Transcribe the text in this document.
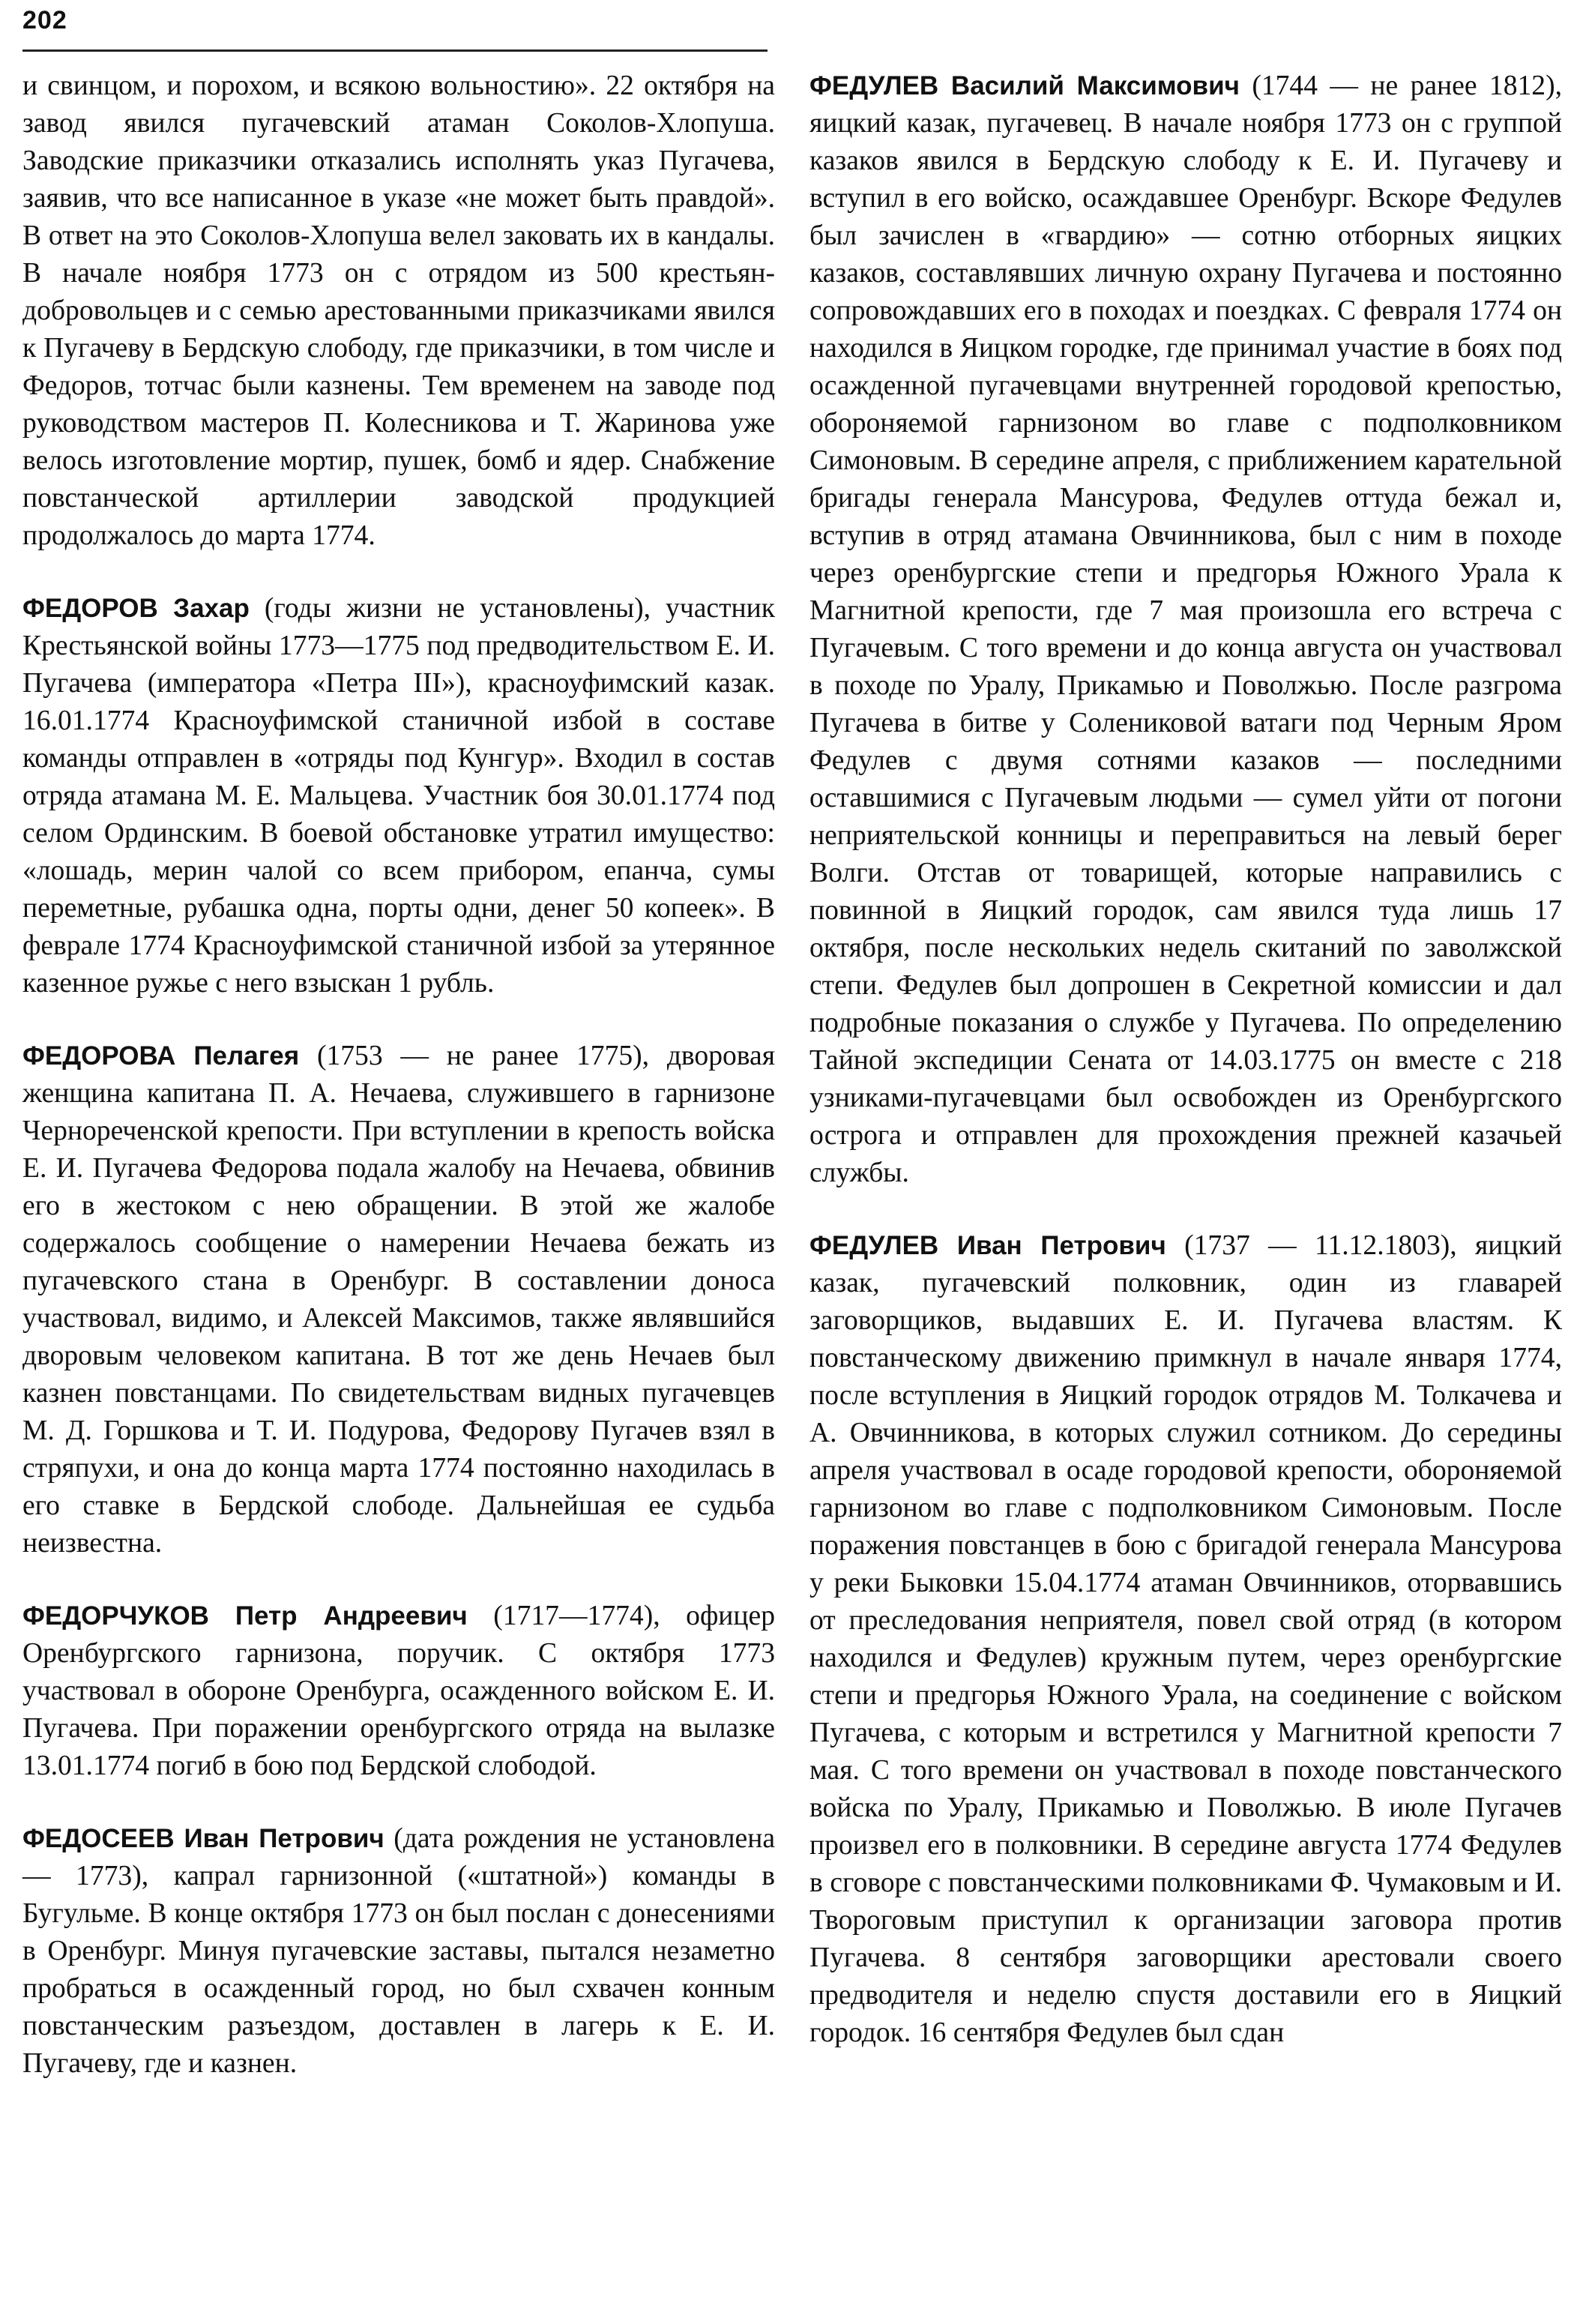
202

и свинцом, и порохом, и всякою вольностию». 22 октября на завод явился пугачевский атаман Соколов-Хлопуша. Заводские приказчики отказались исполнять указ Пугачева, заявив, что все написанное в указе «не может быть правдой». В ответ на это Соколов-Хлопуша велел заковать их в кандалы. В начале ноября 1773 он с отрядом из 500 крестьян-добровольцев и с семью арестованными приказчиками явился к Пугачеву в Бердскую слободу, где приказчики, в том числе и Федоров, тотчас были казнены. Тем временем на заводе под руководством мастеров П. Колесникова и Т. Жаринова уже велось изготовление мортир, пушек, бомб и ядер. Снабжение повстанческой артиллерии заводской продукцией продолжалось до марта 1774.

ФЕДОРОВ Захар (годы жизни не установлены), участник Крестьянской войны 1773—1775 под предводительством Е. И. Пугачева (императора «Петра III»), красноуфимский казак. 16.01.1774 Красноуфимской станичной избой в составе команды отправлен в «отряды под Кунгур». Входил в состав отряда атамана М. Е. Мальцева. Участник боя 30.01.1774 под селом Ординским. В боевой обстановке утратил имущество: «лошадь, мерин чалой со всем прибором, епанча, сумы переметные, рубашка одна, порты одни, денег 50 копеек». В феврале 1774 Красноуфимской станичной избой за утерянное казенное ружье с него взыскан 1 рубль.

ФЕДОРОВА Пелагея (1753 — не ранее 1775), дворовая женщина капитана П. А. Нечаева, служившего в гарнизоне Чернореченской крепости. При вступлении в крепость войска Е. И. Пугачева Федорова подала жалобу на Нечаева, обвинив его в жестоком с нею обращении. В этой же жалобе содержалось сообщение о намерении Нечаева бежать из пугачевского стана в Оренбург. В составлении доноса участвовал, видимо, и Алексей Максимов, также являвшийся дворовым человеком капитана. В тот же день Нечаев был казнен повстанцами. По свидетельствам видных пугачевцев М. Д. Горшкова и Т. И. Подурова, Федорову Пугачев взял в стряпухи, и она до конца марта 1774 постоянно находилась в его ставке в Бердской слободе. Дальнейшая ее судьба неизвестна.

ФЕДОРЧУКОВ Петр Андреевич (1717—1774), офицер Оренбургского гарнизона, поручик. С октября 1773 участвовал в обороне Оренбурга, осажденного войском Е. И. Пугачева. При поражении оренбургского отряда на вылазке 13.01.1774 погиб в бою под Бердской слободой.

ФЕДОСЕЕВ Иван Петрович (дата рождения не установлена — 1773), капрал гарнизонной («штатной») команды в Бугульме. В конце октября 1773 он был послан с донесениями в Оренбург. Минуя пугачевские заставы, пытался незаметно пробраться в осажденный город, но был схвачен конным повстанческим разъездом, доставлен в лагерь к Е. И. Пугачеву, где и казнен.

ФЕДУЛЕВ Василий Максимович (1744 — не ранее 1812), яицкий казак, пугачевец. В начале ноября 1773 он с группой казаков явился в Бердскую слободу к Е. И. Пугачеву и вступил в его войско, осаждавшее Оренбург. Вскоре Федулев был зачислен в «гвардию» — сотню отборных яицких казаков, составлявших личную охрану Пугачева и постоянно сопровождавших его в походах и поездках. С февраля 1774 он находился в Яицком городке, где принимал участие в боях под осажденной пугачевцами внутренней городовой крепостью, обороняемой гарнизоном во главе с подполковником Симоновым. В середине апреля, с приближением карательной бригады генерала Мансурова, Федулев оттуда бежал и, вступив в отряд атамана Овчинникова, был с ним в походе через оренбургские степи и предгорья Южного Урала к Магнитной крепости, где 7 мая произошла его встреча с Пугачевым. С того времени и до конца августа он участвовал в походе по Уралу, Прикамью и Поволжью. После разгрома Пугачева в битве у Солениковой ватаги под Черным Яром Федулев с двумя сотнями казаков — последними оставшимися с Пугачевым людьми — сумел уйти от погони неприятельской конницы и переправиться на левый берег Волги. Отстав от товарищей, которые направились с повинной в Яицкий городок, сам явился туда лишь 17 октября, после нескольких недель скитаний по заволжской степи. Федулев был допрошен в Секретной комиссии и дал подробные показания о службе у Пугачева. По определению Тайной экспедиции Сената от 14.03.1775 он вместе с 218 узниками-пугачевцами был освобожден из Оренбургского острога и отправлен для прохождения прежней казачьей службы.

ФЕДУЛЕВ Иван Петрович (1737 — 11.12.1803), яицкий казак, пугачевский полковник, один из главарей заговорщиков, выдавших Е. И. Пугачева властям. К повстанческому движению примкнул в начале января 1774, после вступления в Яицкий городок отрядов М. Толкачева и А. Овчинникова, в которых служил сотником. До середины апреля участвовал в осаде городовой крепости, обороняемой гарнизоном во главе с подполковником Симоновым. После поражения повстанцев в бою с бригадой генерала Мансурова у реки Быковки 15.04.1774 атаман Овчинников, оторвавшись от преследования неприятеля, повел свой отряд (в котором находился и Федулев) кружным путем, через оренбургские степи и предгорья Южного Урала, на соединение с войском Пугачева, с которым и встретился у Магнитной крепости 7 мая. С того времени он участвовал в походе повстанческого войска по Уралу, Прикамью и Поволжью. В июле Пугачев произвел его в полковники. В середине августа 1774 Федулев в сговоре с повстанческими полковниками Ф. Чумаковым и И. Твороговым приступил к организации заговора против Пугачева. 8 сентября заговорщики арестовали своего предводителя и неделю спустя доставили его в Яицкий городок. 16 сентября Федулев был сдан
